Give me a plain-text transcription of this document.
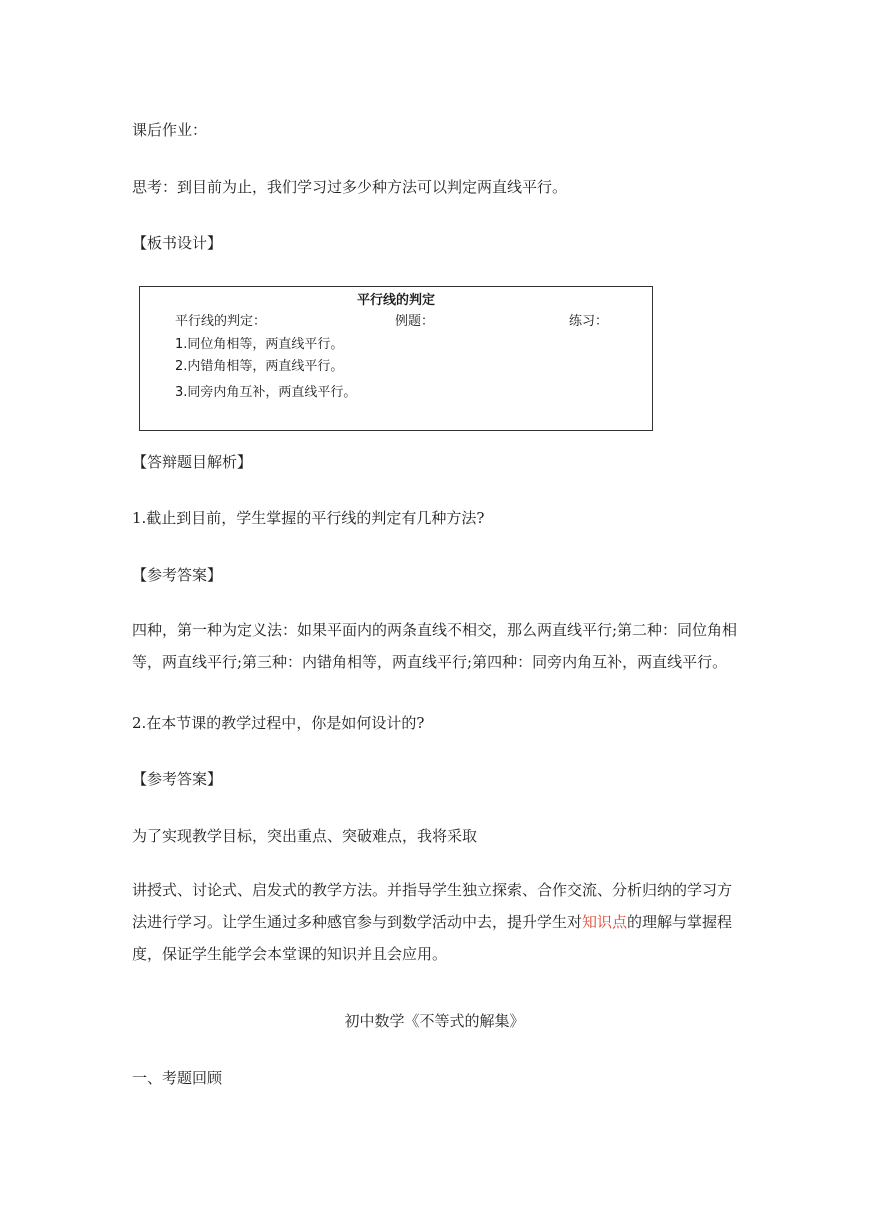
课后作业：

思考：到目前为止，我们学习过多少种方法可以判定两直线平行。

【板书设计】

平行线的判定
平行线的判定：	例题：	练习：
1.同位角相等，两直线平行。
2.内错角相等，两直线平行。
3.同旁内角互补，两直线平行。

【答辩题目解析】

1.截止到目前，学生掌握的平行线的判定有几种方法?

【参考答案】

四种，第一种为定义法：如果平面内的两条直线不相交，那么两直线平行;第二种：同位角相等，两直线平行;第三种：内错角相等，两直线平行;第四种：同旁内角互补，两直线平行。

2.在本节课的教学过程中，你是如何设计的?

【参考答案】

为了实现教学目标，突出重点、突破难点，我将采取

讲授式、讨论式、启发式的教学方法。并指导学生独立探索、合作交流、分析归纳的学习方法进行学习。让学生通过多种感官参与到数学活动中去，提升学生对知识点的理解与掌握程度，保证学生能学会本堂课的知识并且会应用。

初中数学《不等式的解集》

一、考题回顾
